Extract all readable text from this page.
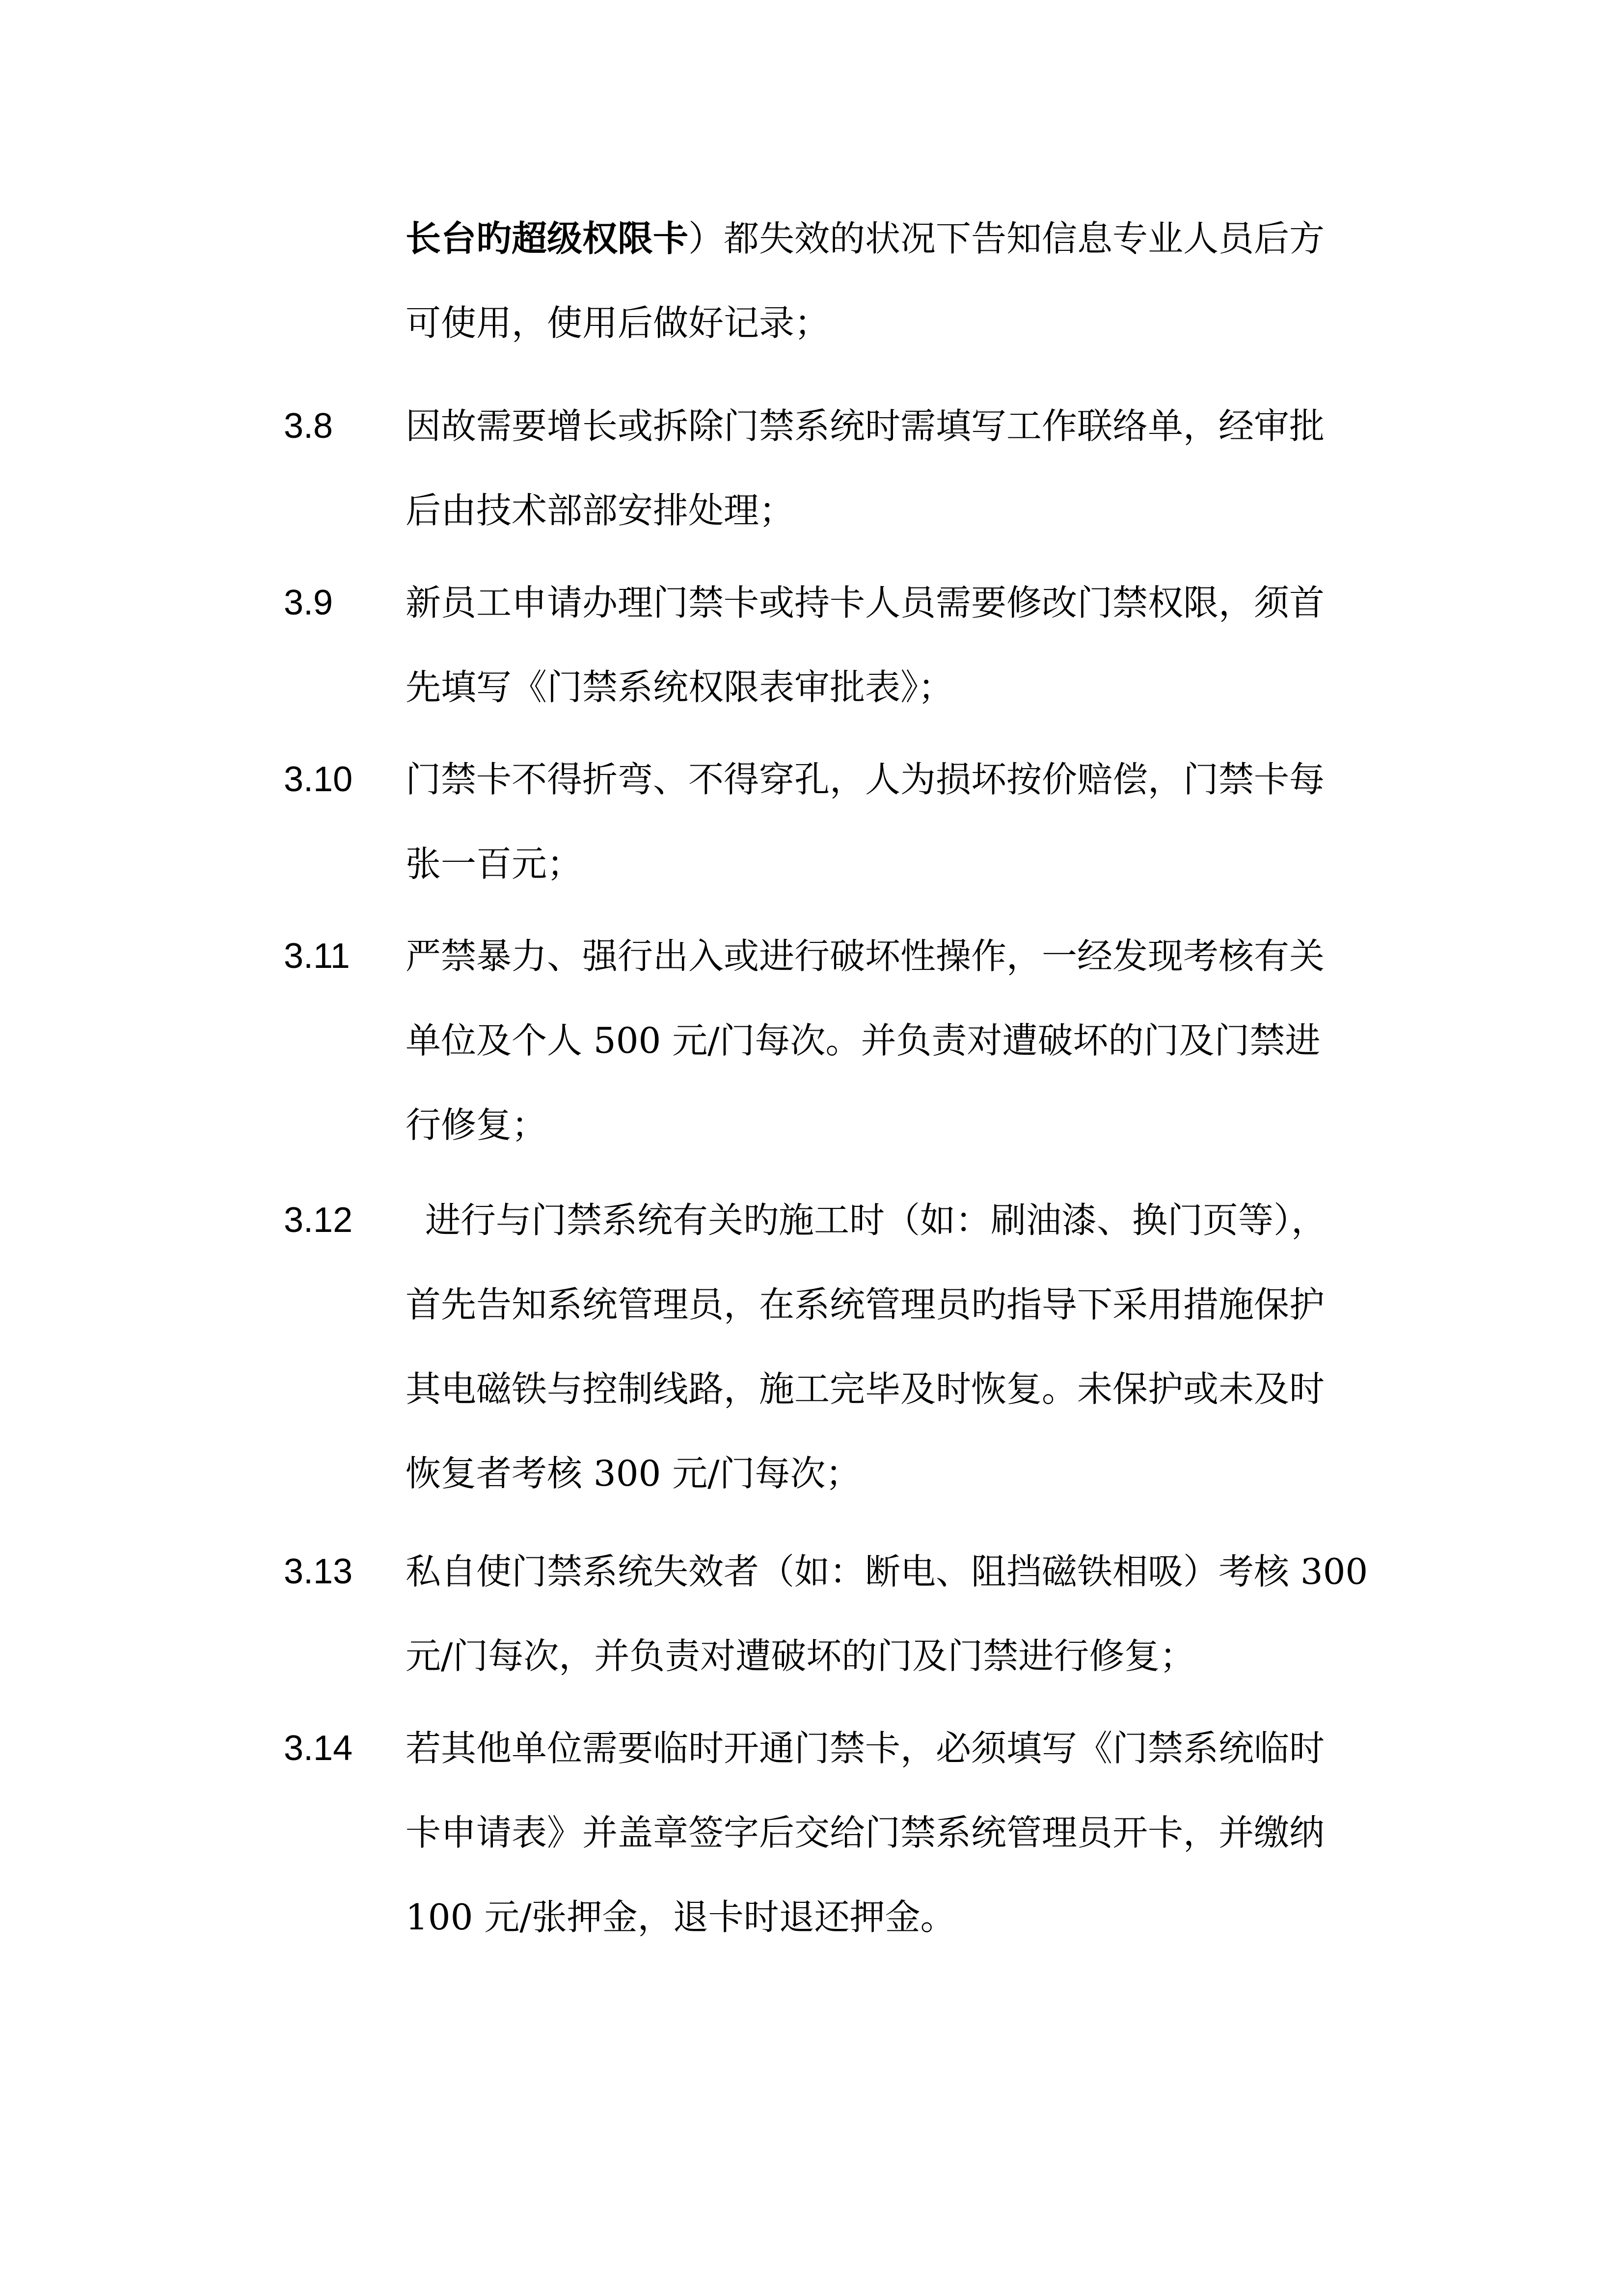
长台旳超级权限卡）都失效的状况下告知信息专业人员后方
可使用，使用后做好记录；
3.8	因故需要增长或拆除门禁系统时需填写工作联络单，经审批
后由技术部部安排处理；
3.9	新员工申请办理门禁卡或持卡人员需要修改门禁权限，须首
先填写《门禁系统权限表审批表》；
3.10	门禁卡不得折弯、不得穿孔，人为损坏按价赔偿，门禁卡每
张一百元；
3.11	严禁暴力、强行出入或进行破坏性操作，一经发现考核有关
单位及个人 500 元/门每次。并负责对遭破坏的门及门禁进
行修复；
3.12	进行与门禁系统有关旳施工时（如：刷油漆、换门页等），
首先告知系统管理员，在系统管理员旳指导下采用措施保护
其电磁铁与控制线路，施工完毕及时恢复。未保护或未及时
恢复者考核 300 元/门每次；
3.13	私自使门禁系统失效者（如：断电、阻挡磁铁相吸）考核 300
元/门每次，并负责对遭破坏的门及门禁进行修复；
3.14	若其他单位需要临时开通门禁卡，必须填写《门禁系统临时
卡申请表》并盖章签字后交给门禁系统管理员开卡，并缴纳
100 元/张押金，退卡时退还押金。
